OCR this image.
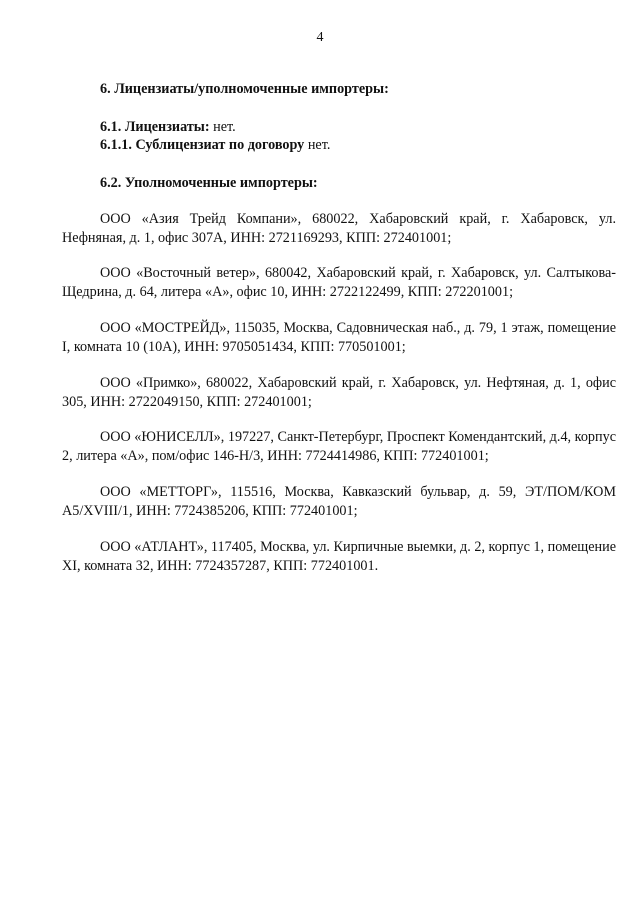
4
6. Лицензиаты/уполномоченные импортеры:
6.1. Лицензиаты: нет.
6.1.1. Сублицензиат по договору нет.
6.2. Уполномоченные импортеры:

ООО «Азия Трейд Компани», 680022, Хабаровский край, г. Хабаровск, ул. Нефняная, д. 1, офис 307А, ИНН: 2721169293, КПП: 272401001;

ООО «Восточный ветер», 680042, Хабаровский край, г. Хабаровск, ул. Салтыкова-Щедрина, д. 64, литера «А», офис 10, ИНН: 2722122499, КПП: 272201001;

ООО «МОСТРЕЙД», 115035, Москва, Садовническая наб., д. 79, 1 этаж, помещение I, комната 10 (10А), ИНН: 9705051434, КПП: 770501001;

ООО «Примко», 680022, Хабаровский край, г. Хабаровск, ул. Нефтяная, д. 1, офис 305, ИНН: 2722049150, КПП: 272401001;

ООО «ЮНИСЕЛЛ», 197227, Санкт-Петербург, Проспект Комендантский, д.4, корпус 2, литера «А», пом/офис 146-Н/3, ИНН: 7724414986, КПП: 772401001;

ООО «МЕТТОРГ», 115516, Москва, Кавказский бульвар, д. 59, ЭТ/ПОМ/КОМ А5/XVIII/1, ИНН: 7724385206, КПП: 772401001;

ООО «АТЛАНТ», 117405, Москва, ул. Кирпичные выемки, д. 2, корпус 1, помещение XI, комната 32, ИНН: 7724357287, КПП: 772401001.
